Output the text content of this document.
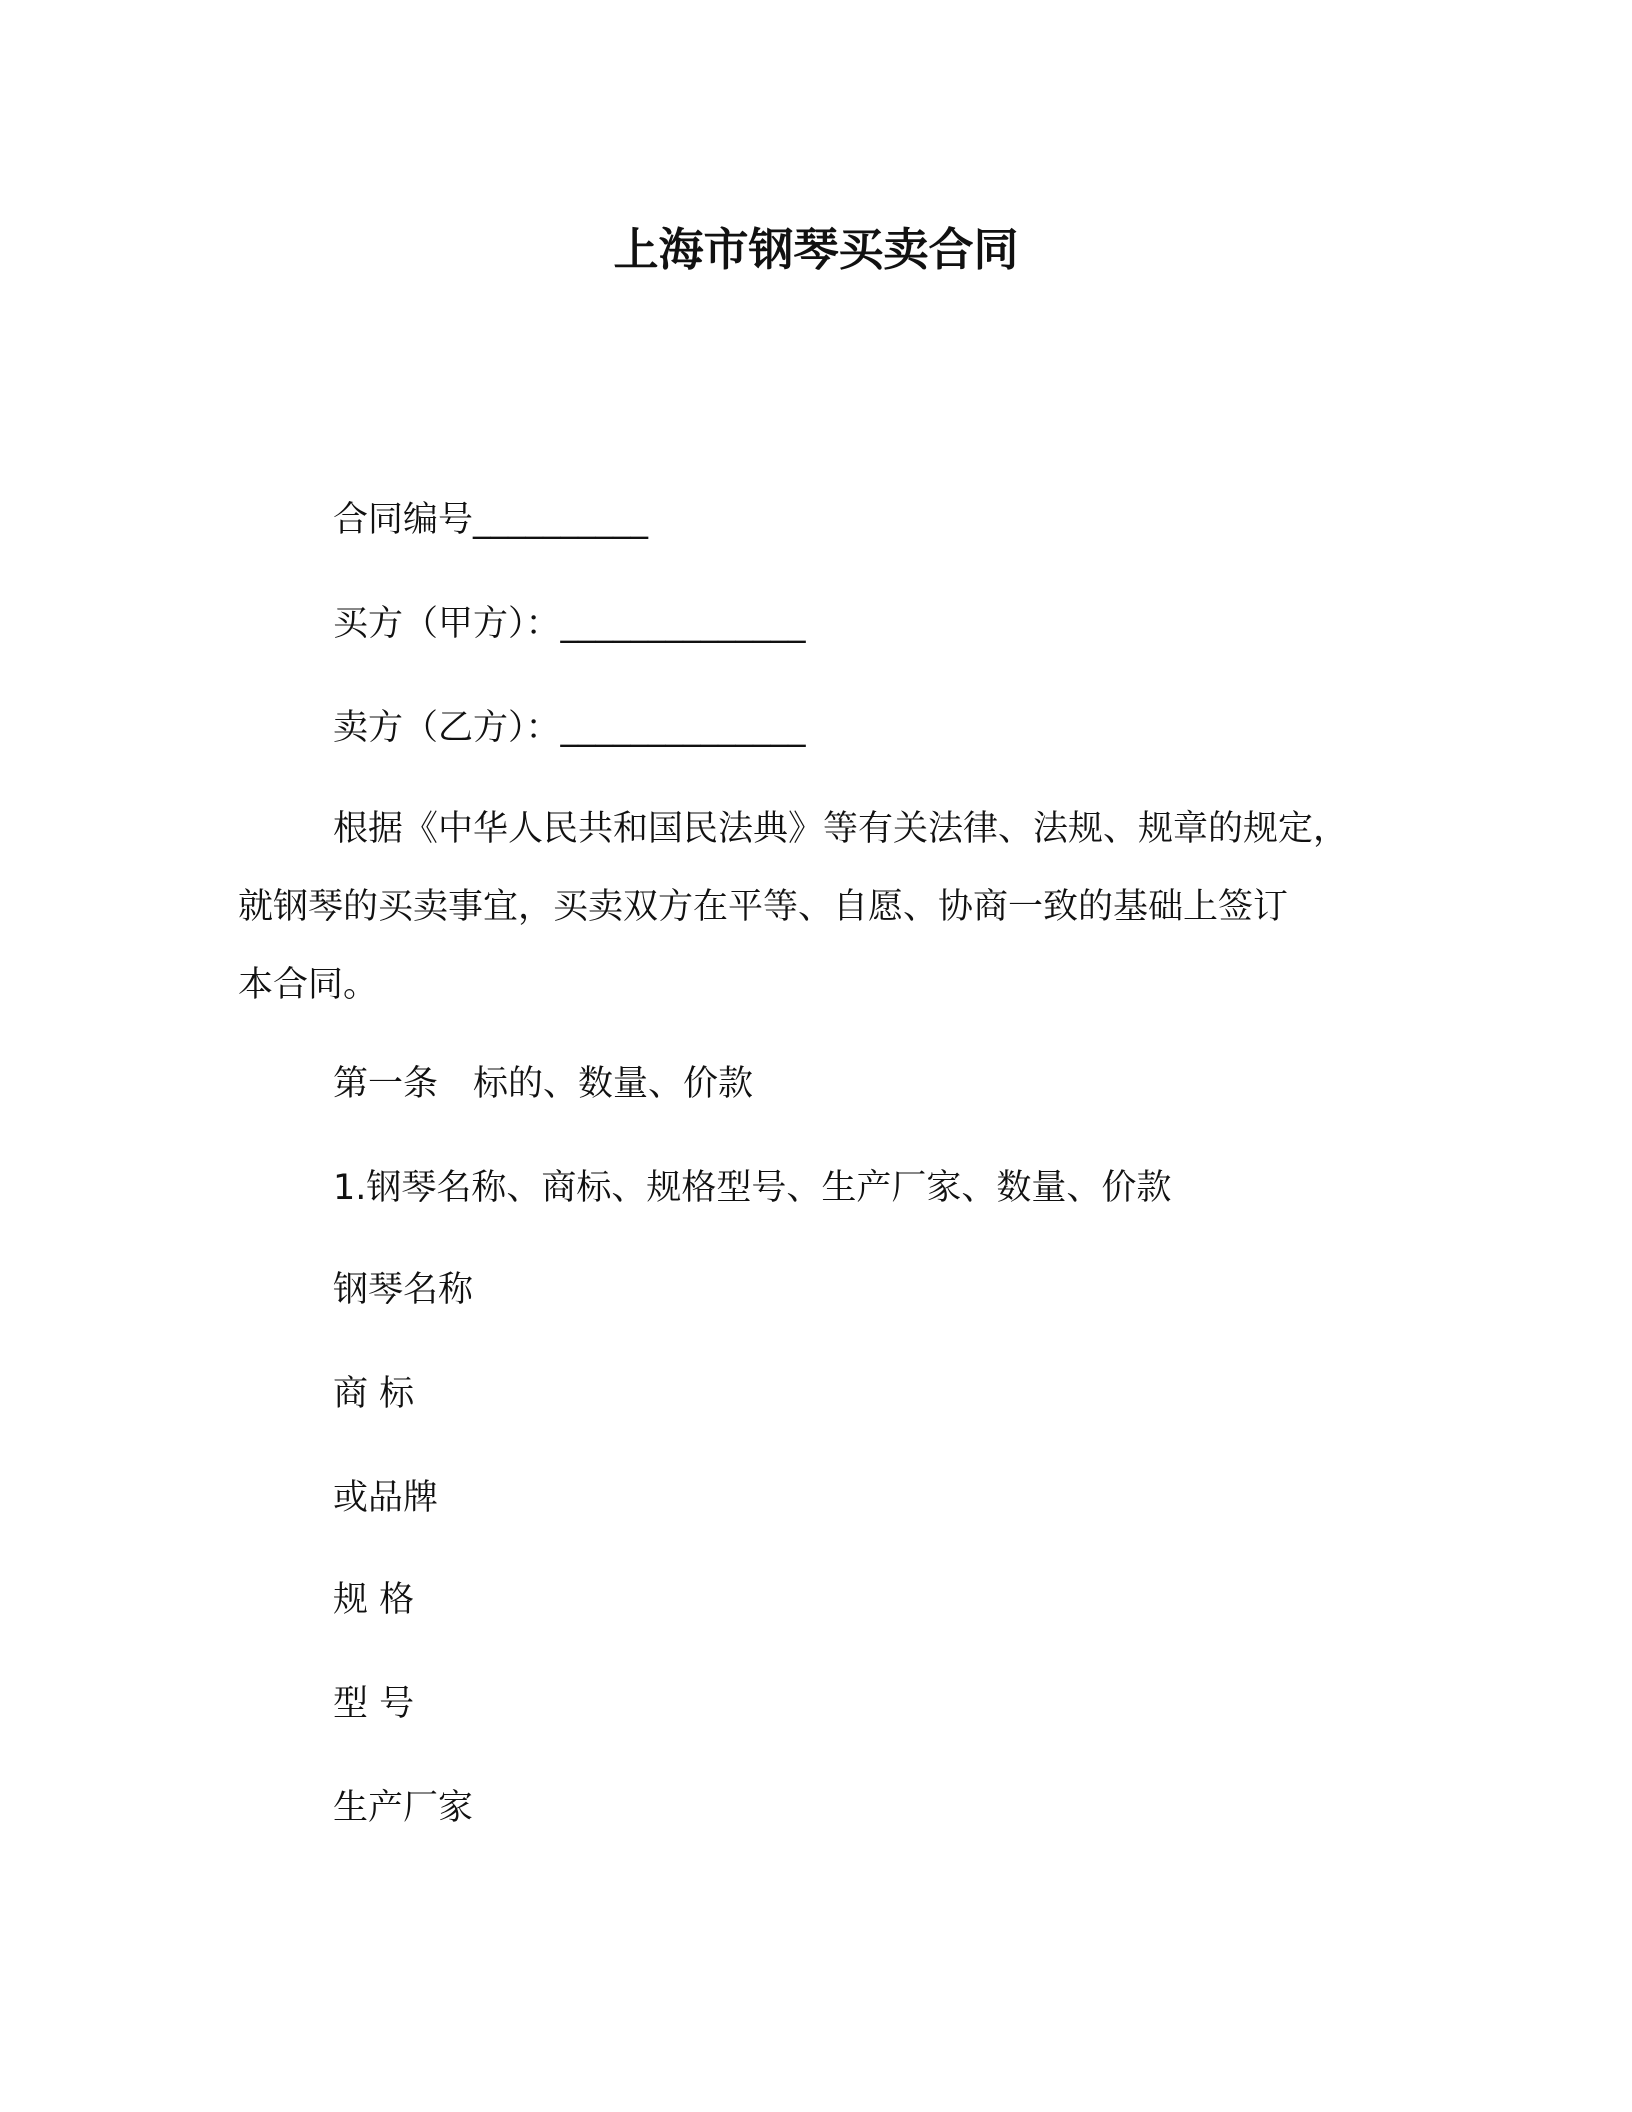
上海市钢琴买卖合同
合同编号__________
买方（甲方）：______________
卖方（乙方）：______________
根据《中华人民共和国民法典》等有关法律、法规、规章的规定，
就钢琴的买卖事宜，买卖双方在平等、自愿、协商一致的基础上签订
本合同。
第一条　标的、数量、价款
1.钢琴名称、商标、规格型号、生产厂家、数量、价款
钢琴名称
商 标
或品牌
规 格
型 号
生产厂家
